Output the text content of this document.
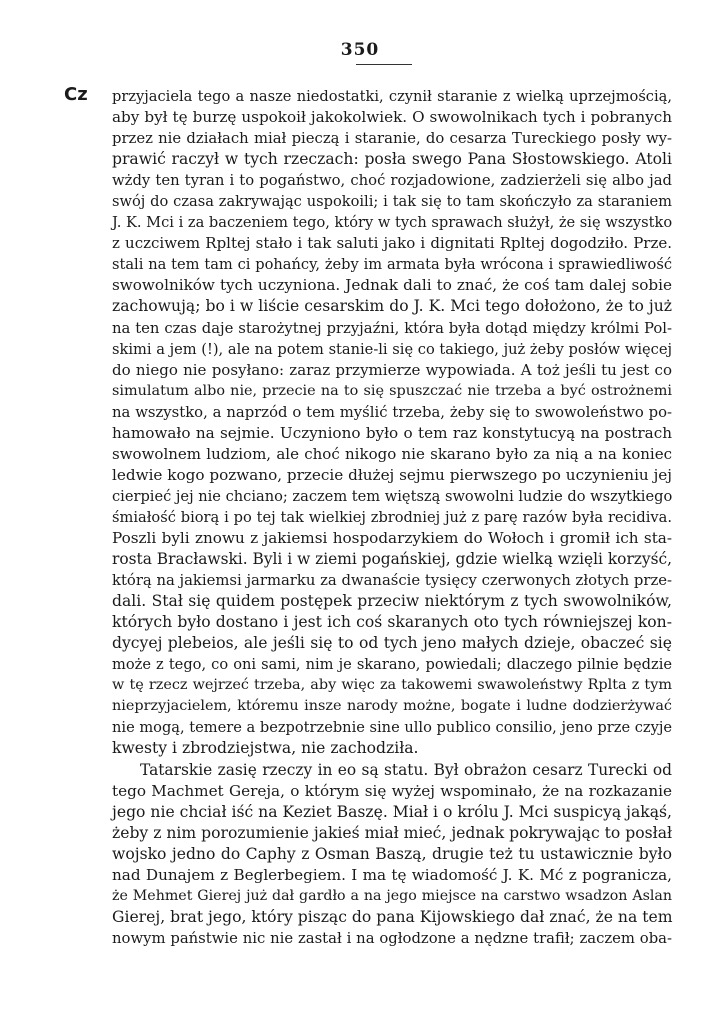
350
Cz przyjaciela tego a nasze niedostatki, czynił staranie z wielką uprzejmością,
aby był tę burzę uspokoił jakokolwiek. O swowolnikach tych i pobranych
przez nie działach miał pieczą i staranie, do cesarza Tureckiego posły wy-
prawić raczył w tych rzeczach: posła swego Pana Słostowskiego. Atoli
wżdy ten tyran i to pogaństwo, choć rozjadowione, zadzierżeli się albo jad
swój do czasa zakrywając uspokoili; i tak się to tam skończyło za staraniem
J. K. Mci i za baczeniem tego, który w tych sprawach służył, że się wszystko
z uczciwem Rpltej stało i tak saluti jako i dignitati Rpltej dogodziło. Prze.
stali na tem tam ci pohańcy, żeby im armata była wrócona i sprawiedliwość
swowolników tych uczyniona. Jednak dali to znać, że coś tam dalej sobie
zachowują; bo i w liście cesarskim do J. K. Mci tego dołożono, że to już
na ten czas daje starożytnej przyjaźni, która była dotąd między królmi Pol-
skimi a jem (!), ale na potem stanie-li się co takiego, już żeby posłów więcej
do niego nie posyłano: zaraz przymierze wypowiada. A toż jeśli tu jest co
simulatum albo nie, przecie na to się spuszczać nie trzeba a być ostrożnemi
na wszystko, a naprzód o tem myślić trzeba, żeby się to swowoleństwo po-
hamowało na sejmie. Uczyniono było o tem raz konstytucyą na postrach
swowolnem ludziom, ale choć nikogo nie skarano było za nią a na koniec
ledwie kogo pozwano, przecie dłużej sejmu pierwszego po uczynieniu jej
cierpieć jej nie chciano; zaczem tem więtszą swowolni ludzie do wszytkiego
śmiałość biorą i po tej tak wielkiej zbrodniej już z parę razów była recidiva.
Poszli byli znowu z jakiemsi hospodarzykiem do Wołoch i gromił ich sta-
rosta Bracławski. Byli i w ziemi pogańskiej, gdzie wielką wzięli korzyść,
którą na jakiemsi jarmarku za dwanaście tysięcy czerwonych złotych prze-
dali. Stał się quidem postępek przeciw niektórym z tych swowolników,
których było dostano i jest ich coś skaranych oto tych równiejszej kon-
dycyej plebeios, ale jeśli się to od tych jeno małych dzieje, obaczeć się
może z tego, co oni sami, nim je skarano, powiedali; dlaczego pilnie będzie
w tę rzecz wejrzeć trzeba, aby więc za takowemi swawoleństwy Rplta z tym
nieprzyjacielem, któremu insze narody możne, bogate i ludne dodzierżywać
nie mogą, temere a bezpotrzebnie sine ullo publico consilio, jeno prze czyje
kwesty i zbrodziejstwa, nie zachodziła.
Tatarskie zasię rzeczy in eo są statu. Był obrażon cesarz Turecki od
tego Machmet Gereja, o którym się wyżej wspominało, że na rozkazanie
jego nie chciał iść na Keziet Baszę. Miał i o królu J. Mci suspicyą jakąś,
żeby z nim porozumienie jakieś miał mieć, jednak pokrywając to posłał
wojsko jedno do Caphy z Osman Baszą, drugie też tu ustawicznie było
nad Dunajem z Beglerbegiem. I ma tę wiadomość J. K. Mć z pogranicza,
że Mehmet Gierej już dał gardło a na jego miejsce na carstwo wsadzon Aslan
Gierej, brat jego, który pisząc do pana Kijowskiego dał znać, że na tem
nowym państwie nic nie zastał i na ogłodzone a nędzne trafił; zaczem oba-
